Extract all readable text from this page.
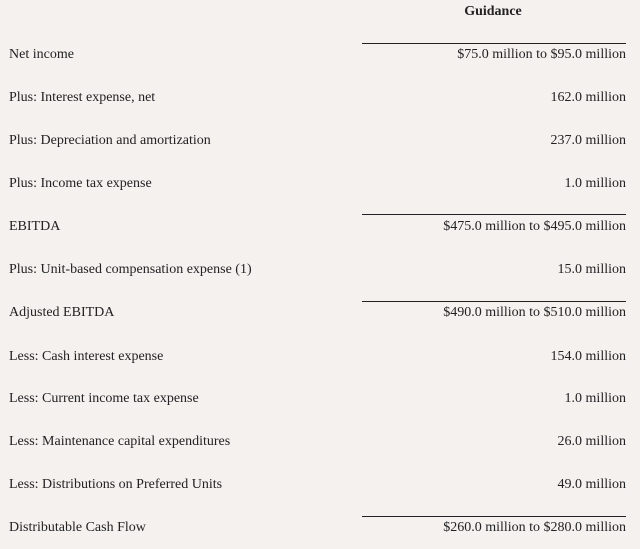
Guidance
Net income	$75.0 million to $95.0 million
Plus: Interest expense, net	162.0 million
Plus: Depreciation and amortization	237.0 million
Plus: Income tax expense	1.0 million
EBITDA	$475.0 million to $495.0 million
Plus: Unit-based compensation expense (1)	15.0 million
Adjusted EBITDA	$490.0 million to $510.0 million
Less: Cash interest expense	154.0 million
Less: Current income tax expense	1.0 million
Less: Maintenance capital expenditures	26.0 million
Less: Distributions on Preferred Units	49.0 million
Distributable Cash Flow	$260.0 million to $280.0 million
